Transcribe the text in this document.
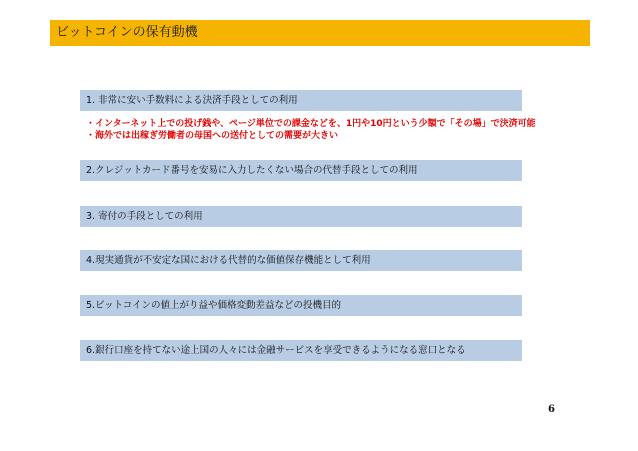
ビットコインの保有動機
1. 非常に安い手数料による決済手段としての利用
・インターネット上での投げ銭や、ページ単位での課金などを、1円や10円という少額で「その場」で決済可能
・海外では出稼ぎ労働者の母国への送付としての需要が大きい
2.クレジットカード番号を安易に入力したくない場合の代替手段としての利用
3. 寄付の手段としての利用
4.現実通貨が不安定な国における代替的な価値保存機能として利用
5.ビットコインの値上がり益や価格変動差益などの投機目的
6.銀行口座を持てない途上国の人々には金融サービスを享受できるようになる窓口となる
6
